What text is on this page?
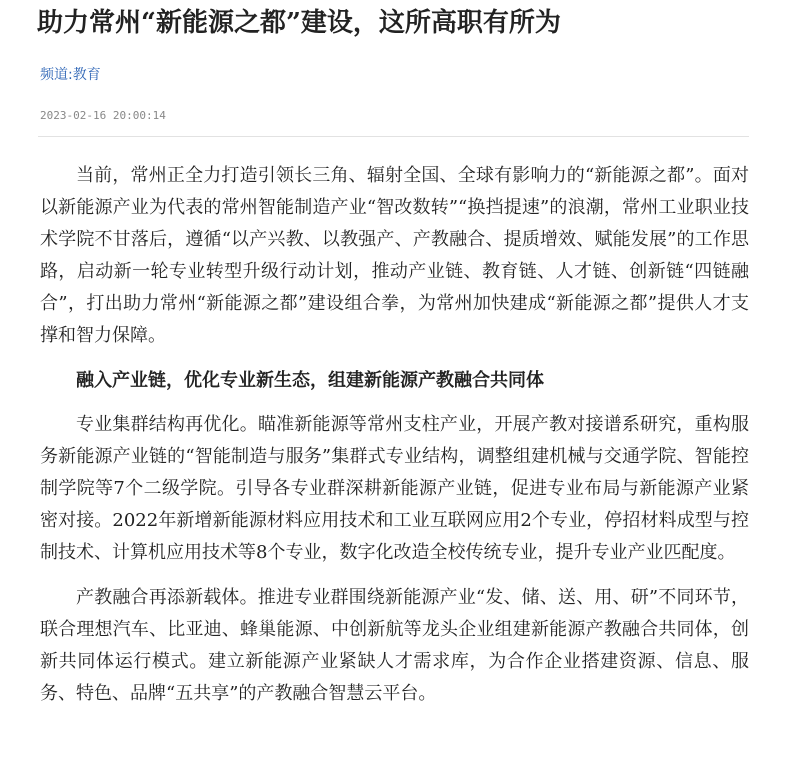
助力常州“新能源之都”建设，这所高职有所为
频道:教育
2023-02-16 20:00:14

当前，常州正全力打造引领长三角、辐射全国、全球有影响力的“新能源之都”。面对以新能源产业为代表的常州智能制造产业“智改数转”“换挡提速”的浪潮，常州工业职业技术学院不甘落后，遵循“以产兴教、以教强产、产教融合、提质增效、赋能发展”的工作思路，启动新一轮专业转型升级行动计划，推动产业链、教育链、人才链、创新链“四链融合”，打出助力常州“新能源之都”建设组合拳，为常州加快建成“新能源之都”提供人才支撑和智力保障。

融入产业链，优化专业新生态，组建新能源产教融合共同体

专业集群结构再优化。瞄准新能源等常州支柱产业，开展产教对接谱系研究，重构服务新能源产业链的“智能制造与服务”集群式专业结构，调整组建机械与交通学院、智能控制学院等7个二级学院。引导各专业群深耕新能源产业链，促进专业布局与新能源产业紧密对接。2022年新增新能源材料应用技术和工业互联网应用2个专业，停招材料成型与控制技术、计算机应用技术等8个专业，数字化改造全校传统专业，提升专业产业匹配度。

产教融合再添新载体。推进专业群围绕新能源产业“发、储、送、用、研”不同环节，联合理想汽车、比亚迪、蜂巢能源、中创新航等龙头企业组建新能源产教融合共同体，创新共同体运行模式。建立新能源产业紧缺人才需求库，为合作企业搭建资源、信息、服务、特色、品牌“五共享”的产教融合智慧云平台。
